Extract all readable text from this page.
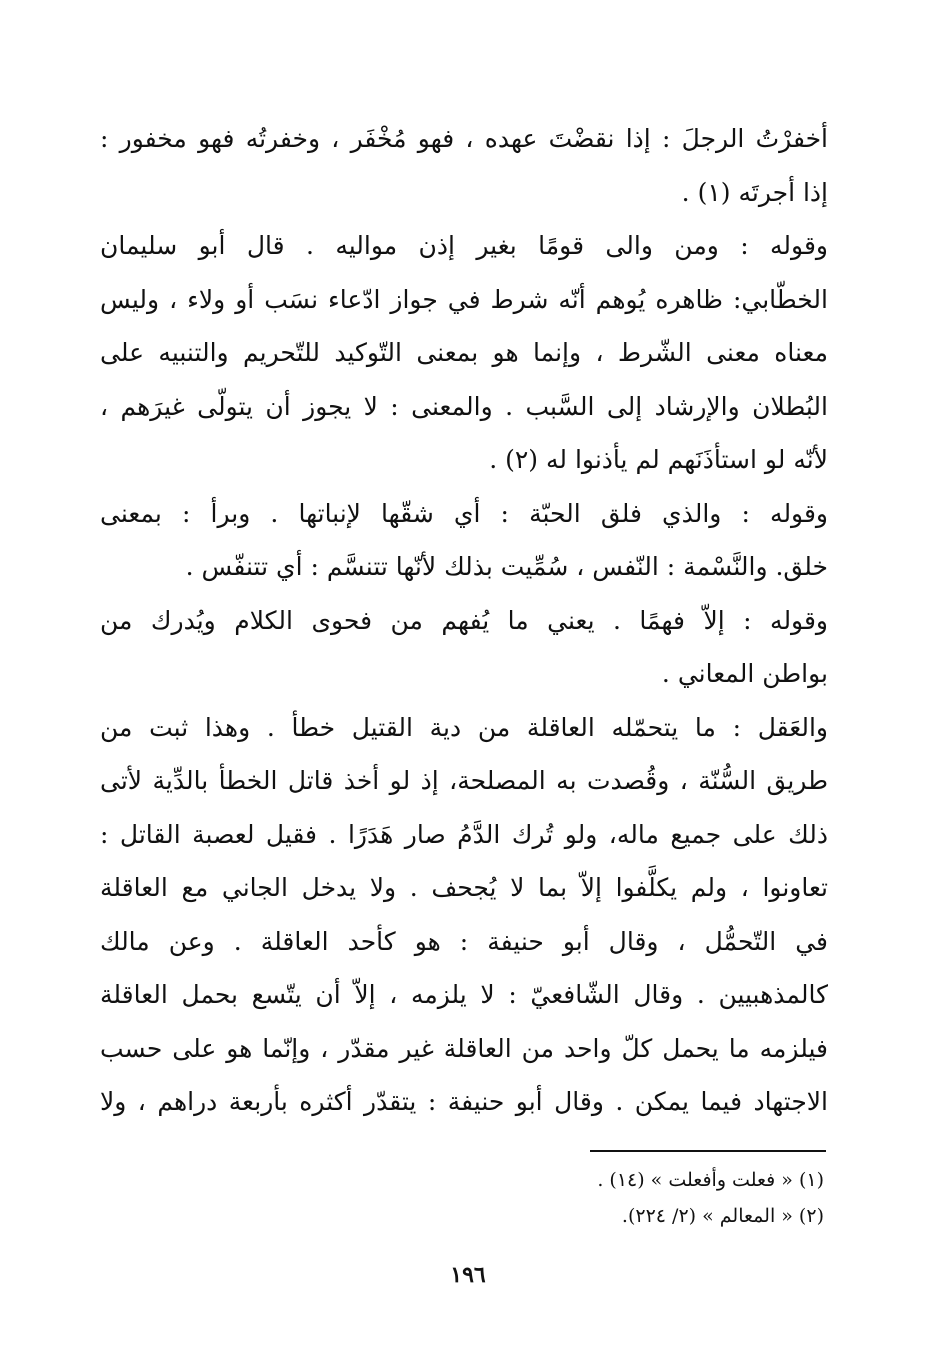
أخفرْتُ الرجلَ : إذا نقضْتَ عهده ، فهو مُخْفَر ، وخفرتُه فهو مخفور :
إذا أجرتَه (١) .
وقوله : ومن والى قومًا بغير إذن مواليه . قال أبو سليمان
الخطّابي: ظاهره يُوهم أنّه شرط في جواز ادّعاء نسَب أو ولاء ، وليس
معناه معنى الشّرط ، وإنما هو بمعنى التّوكيد للتّحريم والتنبيه على
البُطلان والإرشاد إلى السَّبب . والمعنى : لا يجوز أن يتولّى غيرَهم ،
لأنّه لو استأذَنَهم لم يأذنوا له (٢) .
وقوله : والذي فلق الحبّة : أي شقّها لإنباتها . وبرأ : بمعنى
خلق. والنَّسْمة : النّفس ، سُمِّيت بذلك لأنّها تتنسَّم : أي تتنفّس .
وقوله : إلاّ فهمًا . يعني ما يُفهم من فحوى الكلام ويُدرك من
بواطن المعاني .
والعَقل : ما يتحمّله العاقلة من دية القتيل خطأ . وهذا ثبت من
طريق السُّنّة ، وقُصدت به المصلحة، إذ لو أخذ قاتل الخطأ بالدِّية لأتى
ذلك على جميع ماله، ولو تُرك الدَّمُ صار هَدَرًا . فقيل لعصبة القاتل :
تعاونوا ، ولم يكلَّفوا إلاّ بما لا يُجحف . ولا يدخل الجاني مع العاقلة
في التّحمُّل ، وقال أبو حنيفة : هو كأحد العاقلة . وعن مالك
كالمذهبيين . وقال الشّافعيّ : لا يلزمه ، إلاّ أن يتّسع بحمل العاقلة
فيلزمه ما يحمل كلّ واحد من العاقلة غير مقدّر ، وإنّما هو على حسب
الاجتهاد فيما يمكن . وقال أبو حنيفة : يتقدّر أكثره بأربعة دراهم ، ولا
(١) « فعلت وأفعلت » (١٤) .
(٢) « المعالم » (٢/ ٢٢٤).
١٩٦
